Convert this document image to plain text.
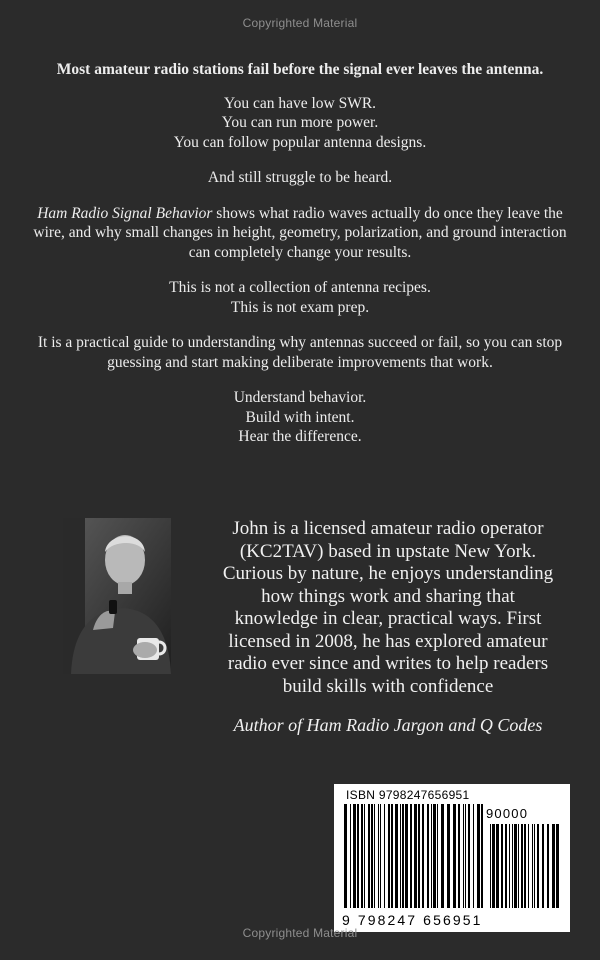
Copyrighted Material

Most amateur radio stations fail before the signal ever leaves the antenna.

You can have low SWR.
You can run more power.
You can follow popular antenna designs.

And still struggle to be heard.

Ham Radio Signal Behavior shows what radio waves actually do once they leave the wire, and why small changes in height, geometry, polarization, and ground interaction can completely change your results.

This is not a collection of antenna recipes.
This is not exam prep.

It is a practical guide to understanding why antennas succeed or fail, so you can stop guessing and start making deliberate improvements that work.

Understand behavior.
Build with intent.
Hear the difference.

John is a licensed amateur radio operator (KC2TAV) based in upstate New York. Curious by nature, he enjoys understanding how things work and sharing that knowledge in clear, practical ways. First licensed in 2008, he has explored amateur radio ever since and writes to help readers build skills with confidence

Author of Ham Radio Jargon and Q Codes

ISBN 9798247656951
90000
9 798247 656951
Copyrighted Material
